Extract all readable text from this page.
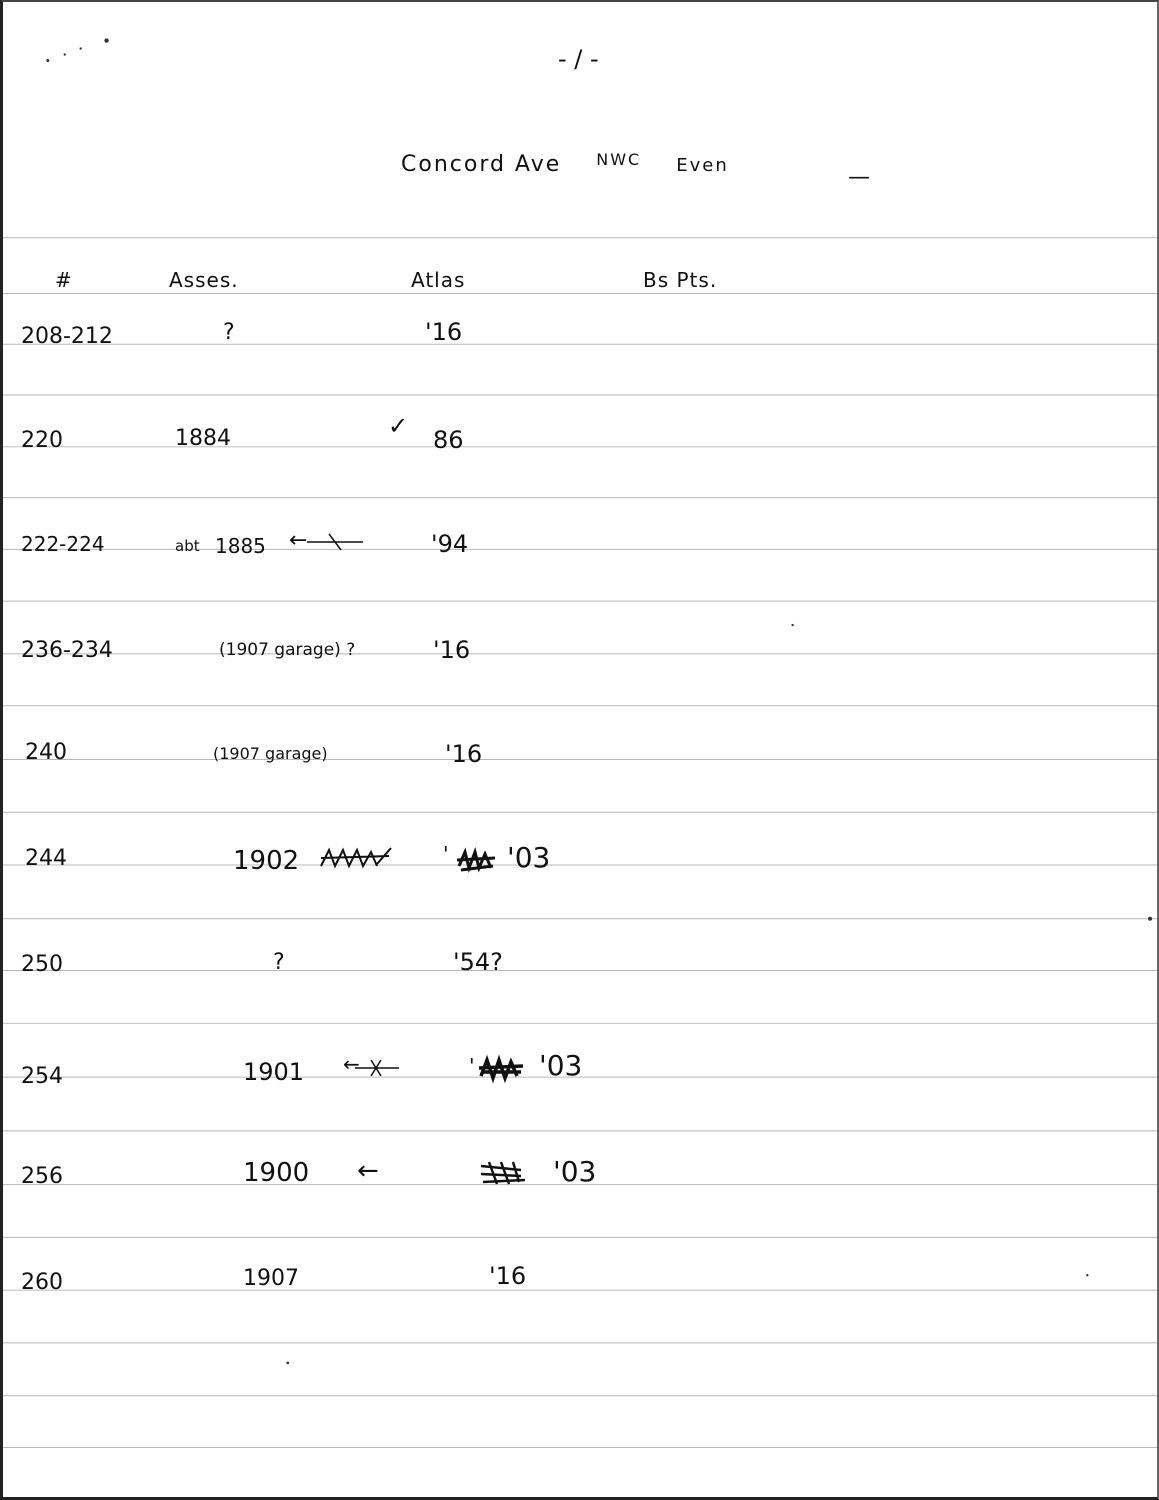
- / -
Concord Ave $^{NWC}$ Even	—
#	Asses.	Atlas	Bs Pts.
208-212	?	'16
220	1884	✓ 86
222-224	abt 1885 ←	'94
236-234	(1907 garage) ?	'16
240	(1907 garage)	'16
244	1902	' '03
250	?	'54?
254	1901 ←	' '03
256	1900 ←	'03
260	1907	'16
